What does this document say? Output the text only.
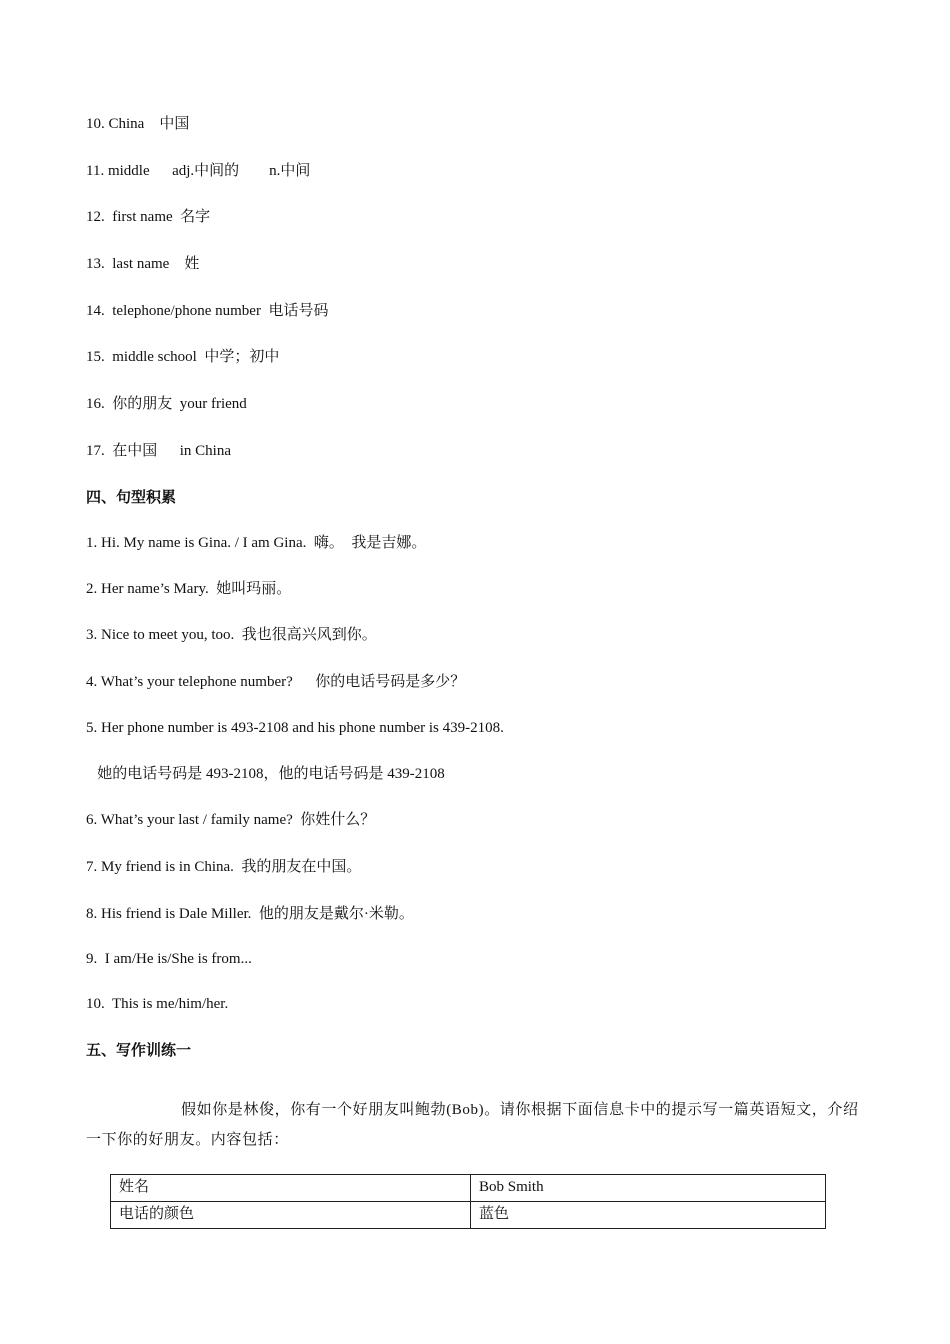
10. China    中国
11. middle      adj.中间的        n.中间
12.  first name  名字
13.  last name    姓
14.  telephone/phone number  电话号码
15.  middle school  中学；初中
16.  你的朋友  your friend
17.  在中国      in China
四、句型积累
1. Hi. My name is Gina. / I am Gina.  嗨。  我是吉娜。
2. Her name’s Mary.  她叫玛丽。
3. Nice to meet you, too.  我也很高兴风到你。
4. What’s your telephone number?      你的电话号码是多少？
5. Her phone number is 493-2108 and his phone number is 439-2108.
她的电话号码是 493-2108，他的电话号码是 439-2108
6. What’s your last / family name?  你姓什么？
7. My friend is in China.  我的朋友在中国。
8. His friend is Dale Miller.  他的朋友是戴尔·米勒。
9.  I am/He is/She is from...
10.  This is me/him/her.
五、写作训练一
假如你是林俊，你有一个好朋友叫鲍勃(Bob)。请你根据下面信息卡中的提示写一篇英语短文，介绍一下你的好朋友。内容包括：
姓名	Bob Smith
电话的颜色	蓝色
